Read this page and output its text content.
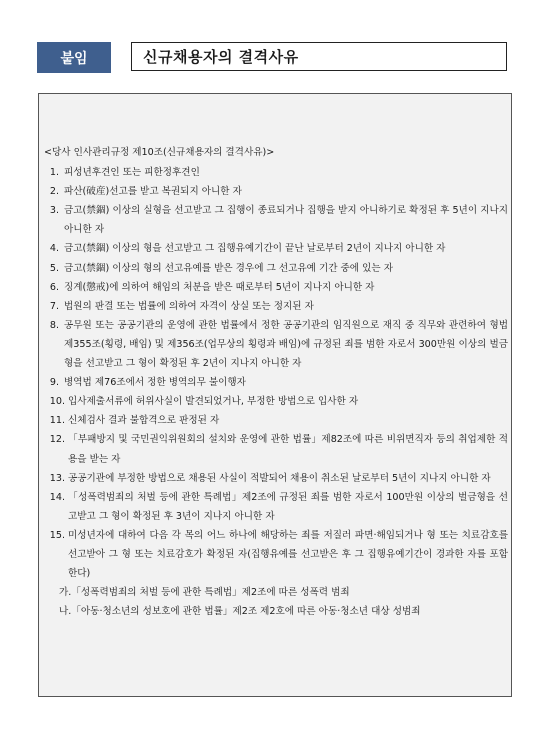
붙임	신규채용자의 결격사유
<당사 인사관리규정 제10조(신규채용자의 결격사유)>
1. 피성년후견인 또는 피한정후견인
2. 파산(破産)선고를 받고 복권되지 아니한 자
3. 금고(禁錮) 이상의 실형을 선고받고 그 집행이 종료되거나 집행을 받지 아니하기로 확정된 후 5년이 지나지 아니한 자
4. 금고(禁錮) 이상의 형을 선고받고 그 집행유예기간이 끝난 날로부터 2년이 지나지 아니한 자
5. 금고(禁錮) 이상의 형의 선고유예를 받은 경우에 그 선고유예 기간 중에 있는 자
6. 징계(懲戒)에 의하여 해임의 처분을 받은 때로부터 5년이 지나지 아니한 자
7. 법원의 판결 또는 법률에 의하여 자격이 상실 또는 정지된 자
8. 공무원 또는 공공기관의 운영에 관한 법률에서 정한 공공기관의 임직원으로 재직 중 직무와 관련하여 형법 제355조(횡령, 배임) 및 제356조(업무상의 횡령과 배임)에 규정된 죄를 범한 자로서 300만원 이상의 벌금형을 선고받고 그 형이 확정된 후 2년이 지나지 아니한 자
9. 병역법 제76조에서 정한 병역의무 불이행자
10. 입사제출서류에 허위사실이 발견되었거나, 부정한 방법으로 입사한 자
11. 신체검사 결과 불합격으로 판정된 자
12. 「부패방지 및 국민권익위원회의 설치와 운영에 관한 법률」제82조에 따른 비위면직자 등의 취업제한 적용을 받는 자
13. 공공기관에 부정한 방법으로 채용된 사실이 적발되어 채용이 취소된 날로부터 5년이 지나지 아니한 자
14. 「성폭력범죄의 처벌 등에 관한 특례법」제2조에 규정된 죄를 범한 자로서 100만원 이상의 벌금형을 선고받고 그 형이 확정된 후 3년이 지나지 아니한 자
15. 미성년자에 대하여 다음 각 목의 어느 하나에 해당하는 죄를 저질러 파면·해임되거나 형 또는 치료감호를 선고받아 그 형 또는 치료감호가 확정된 자(집행유예를 선고받은 후 그 집행유예기간이 경과한 자를 포함한다)
가.「성폭력범죄의 처벌 등에 관한 특례법」제2조에 따른 성폭력 범죄
나.「아동·청소년의 성보호에 관한 법률」제2조 제2호에 따른 아동·청소년 대상 성범죄
